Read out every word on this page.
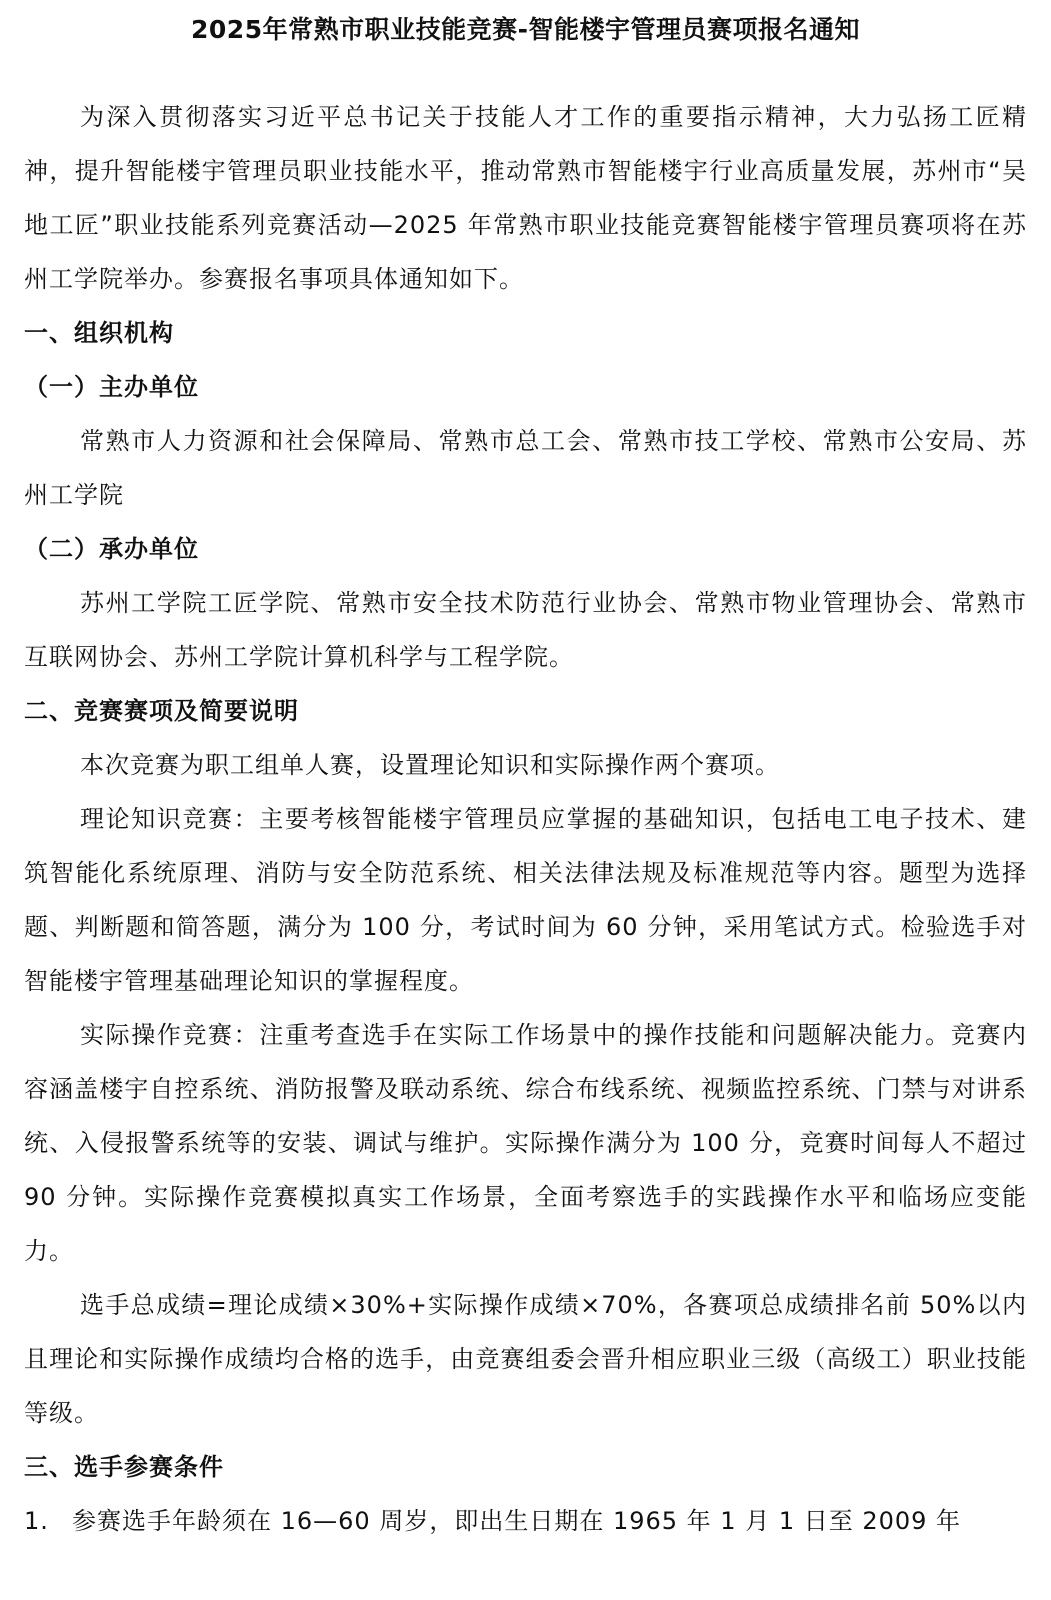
2025年常熟市职业技能竞赛-智能楼宇管理员赛项报名通知

为深入贯彻落实习近平总书记关于技能人才工作的重要指示精神，大力弘扬工匠精神，提升智能楼宇管理员职业技能水平，推动常熟市智能楼宇行业高质量发展，苏州市“吴地工匠”职业技能系列竞赛活动—2025 年常熟市职业技能竞赛智能楼宇管理员赛项将在苏州工学院举办。参赛报名事项具体通知如下。

一、组织机构
（一）主办单位

常熟市人力资源和社会保障局、常熟市总工会、常熟市技工学校、常熟市公安局、苏州工学院

（二）承办单位

苏州工学院工匠学院、常熟市安全技术防范行业协会、常熟市物业管理协会、常熟市互联网协会、苏州工学院计算机科学与工程学院。

二、竞赛赛项及简要说明

本次竞赛为职工组单人赛，设置理论知识和实际操作两个赛项。

理论知识竞赛：主要考核智能楼宇管理员应掌握的基础知识，包括电工电子技术、建筑智能化系统原理、消防与安全防范系统、相关法律法规及标准规范等内容。题型为选择题、判断题和简答题，满分为 100 分，考试时间为 60 分钟，采用笔试方式。检验选手对智能楼宇管理基础理论知识的掌握程度。

实际操作竞赛：注重考查选手在实际工作场景中的操作技能和问题解决能力。竞赛内容涵盖楼宇自控系统、消防报警及联动系统、综合布线系统、视频监控系统、门禁与对讲系统、入侵报警系统等的安装、调试与维护。实际操作满分为 100 分，竞赛时间每人不超过 90 分钟。实际操作竞赛模拟真实工作场景，全面考察选手的实践操作水平和临场应变能力。

选手总成绩=理论成绩×30%+实际操作成绩×70%，各赛项总成绩排名前 50%以内且理论和实际操作成绩均合格的选手，由竞赛组委会晋升相应职业三级（高级工）职业技能等级。

三、选手参赛条件

1. 参赛选手年龄须在 16—60 周岁，即出生日期在 1965 年 1 月 1 日至 2009 年
